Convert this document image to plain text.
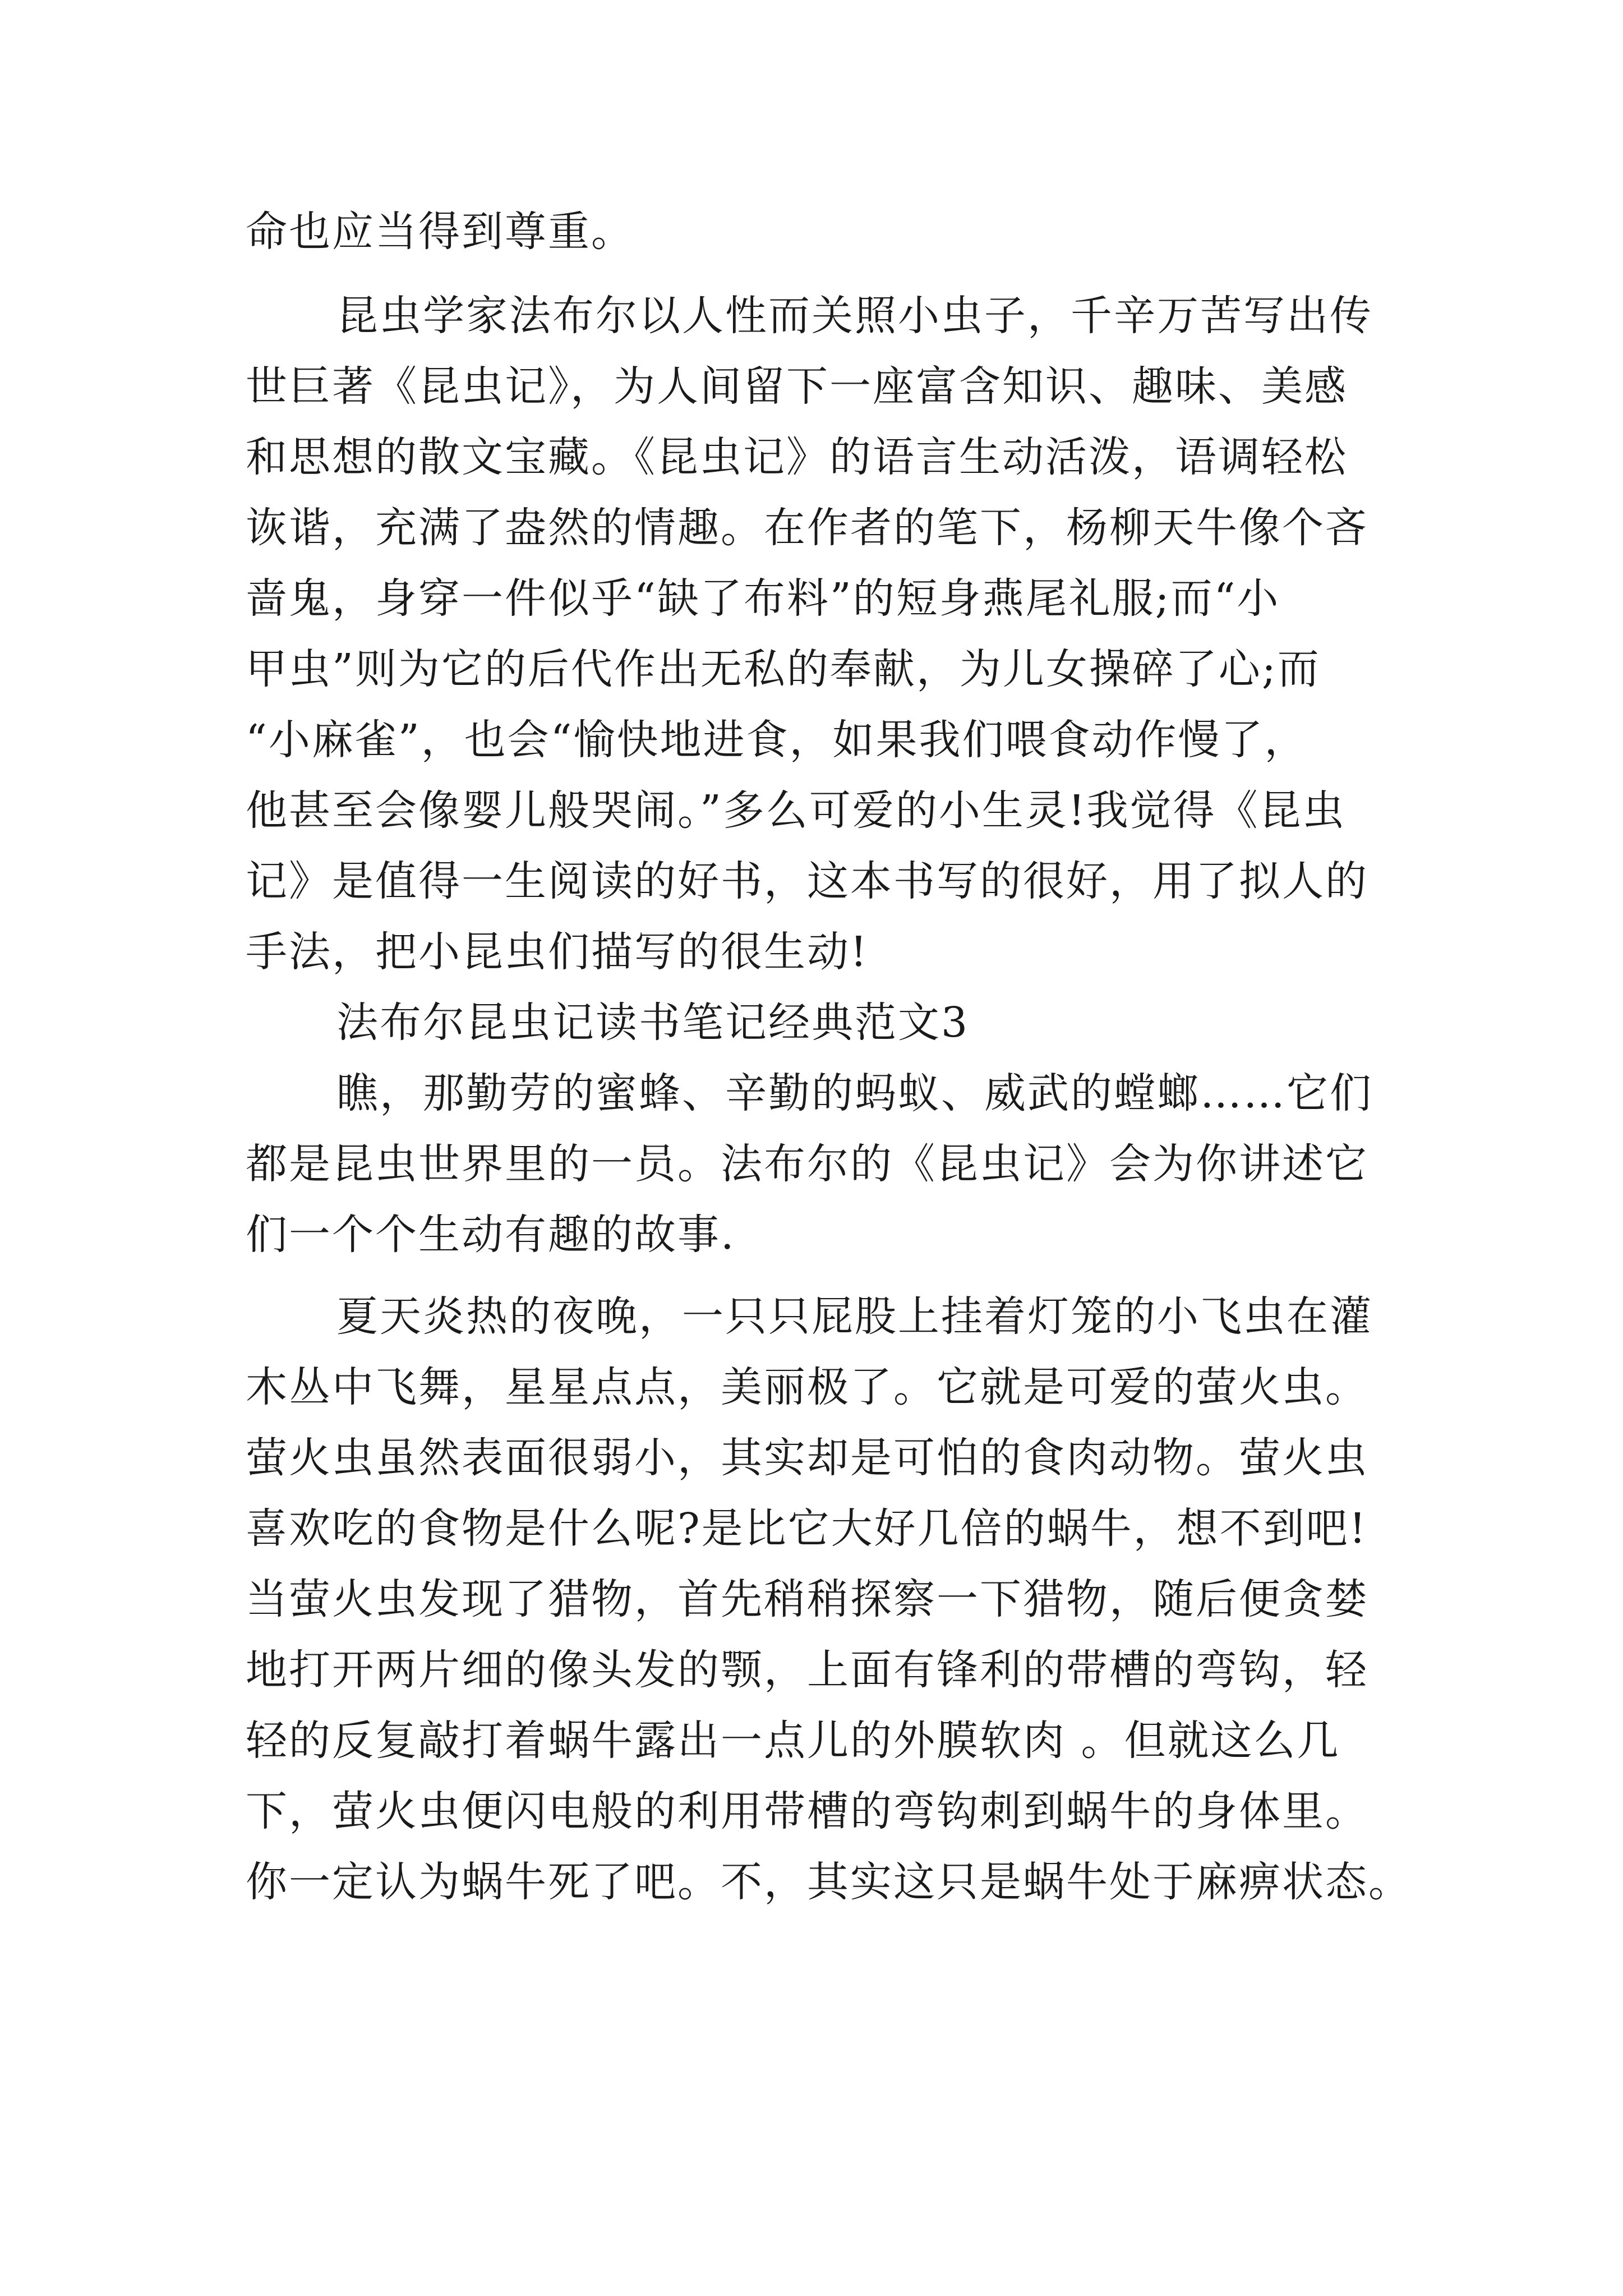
命也应当得到尊重。
昆虫学家法布尔以人性而关照小虫子，千辛万苦写出传
世巨著《昆虫记》，为人间留下一座富含知识、趣味、美感
和思想的散文宝藏。《昆虫记》的语言生动活泼，语调轻松
诙谐，充满了盎然的情趣。在作者的笔下，杨柳天牛像个吝
啬鬼，身穿一件似乎“缺了布料”的短身燕尾礼服;而“小
甲虫”则为它的后代作出无私的奉献，为儿女操碎了心;而
“小麻雀”，也会“愉快地进食，如果我们喂食动作慢了，
他甚至会像婴儿般哭闹。”多么可爱的小生灵!我觉得《昆虫
记》是值得一生阅读的好书，这本书写的很好，用了拟人的
手法，把小昆虫们描写的很生动!
法布尔昆虫记读书笔记经典范文3
瞧，那勤劳的蜜蜂、辛勤的蚂蚁、威武的螳螂……它们
都是昆虫世界里的一员。法布尔的《昆虫记》会为你讲述它
们一个个生动有趣的故事.
夏天炎热的夜晚，一只只屁股上挂着灯笼的小飞虫在灌
木丛中飞舞，星星点点，美丽极了。它就是可爱的萤火虫。
萤火虫虽然表面很弱小，其实却是可怕的食肉动物。萤火虫
喜欢吃的食物是什么呢?是比它大好几倍的蜗牛，想不到吧!
当萤火虫发现了猎物，首先稍稍探察一下猎物，随后便贪婪
地打开两片细的像头发的颚，上面有锋利的带槽的弯钩，轻
轻的反复敲打着蜗牛露出一点儿的外膜软肉 。但就这么几
下，萤火虫便闪电般的利用带槽的弯钩刺到蜗牛的身体里。
你一定认为蜗牛死了吧。不，其实这只是蜗牛处于麻痹状态。
